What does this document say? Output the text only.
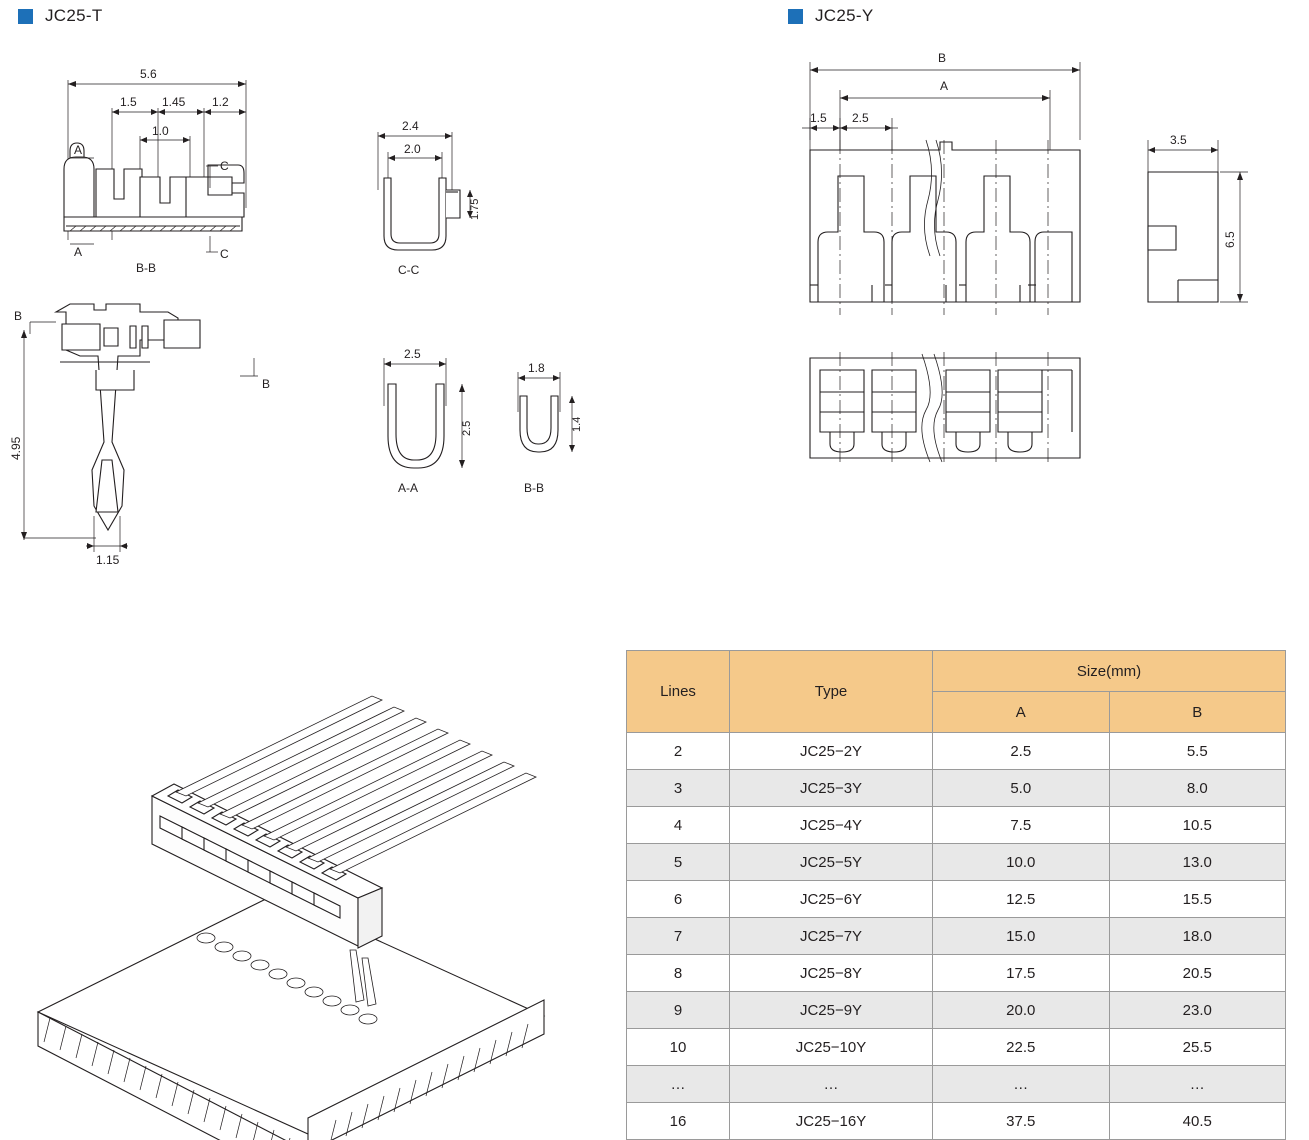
JC25-T	JC25-Y
5.6
1.5 1.45 1.2
1.0
A
A
C
C
B-B
2.4
2.0
1.75
C-C
B
B
4.95
1.15
2.5
2.5
A-A
1.8
1.4
B-B
B
A
1.5 2.5
3.5
6.5
Lines	Type	Size(mm)	
		A	B
2	JC25−2Y	2.5	5.5
3	JC25−3Y	5.0	8.0
4	JC25−4Y	7.5	10.5
5	JC25−5Y	10.0	13.0
6	JC25−6Y	12.5	15.5
7	JC25−7Y	15.0	18.0
8	JC25−8Y	17.5	20.5
9	JC25−9Y	20.0	23.0
10	JC25−10Y	22.5	25.5
…	…	…	…
16	JC25−16Y	37.5	40.5
